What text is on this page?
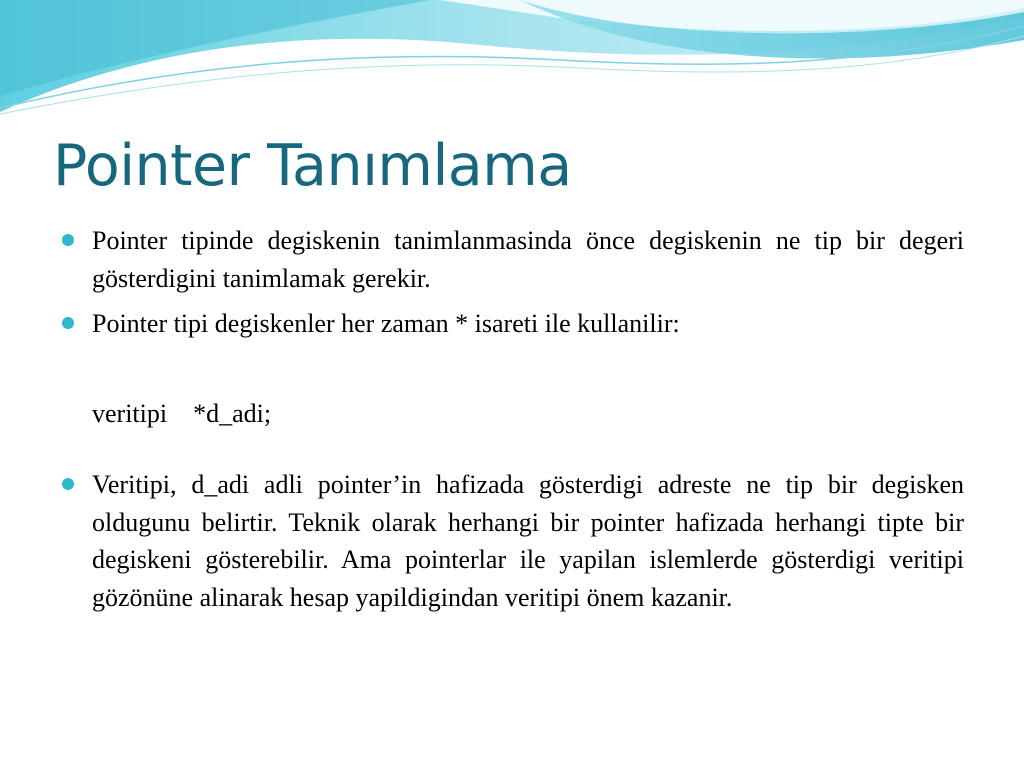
Pointer Tanımlama

Pointer tipinde degiskenin tanimlanmasinda önce degiskenin ne tip bir degeri gösterdigini tanimlamak gerekir.

Pointer tipi degiskenler her zaman * isareti ile kullanilir:

veritipi    *d_adi;

Veritipi, d_adi adli pointer’in hafizada gösterdigi adreste ne tip bir degisken oldugunu belirtir. Teknik olarak herhangi bir pointer hafizada herhangi tipte bir degiskeni gösterebilir. Ama pointerlar ile yapilan islemlerde gösterdigi veritipi gözönüne alinarak hesap yapildigindan veritipi önem kazanir.
